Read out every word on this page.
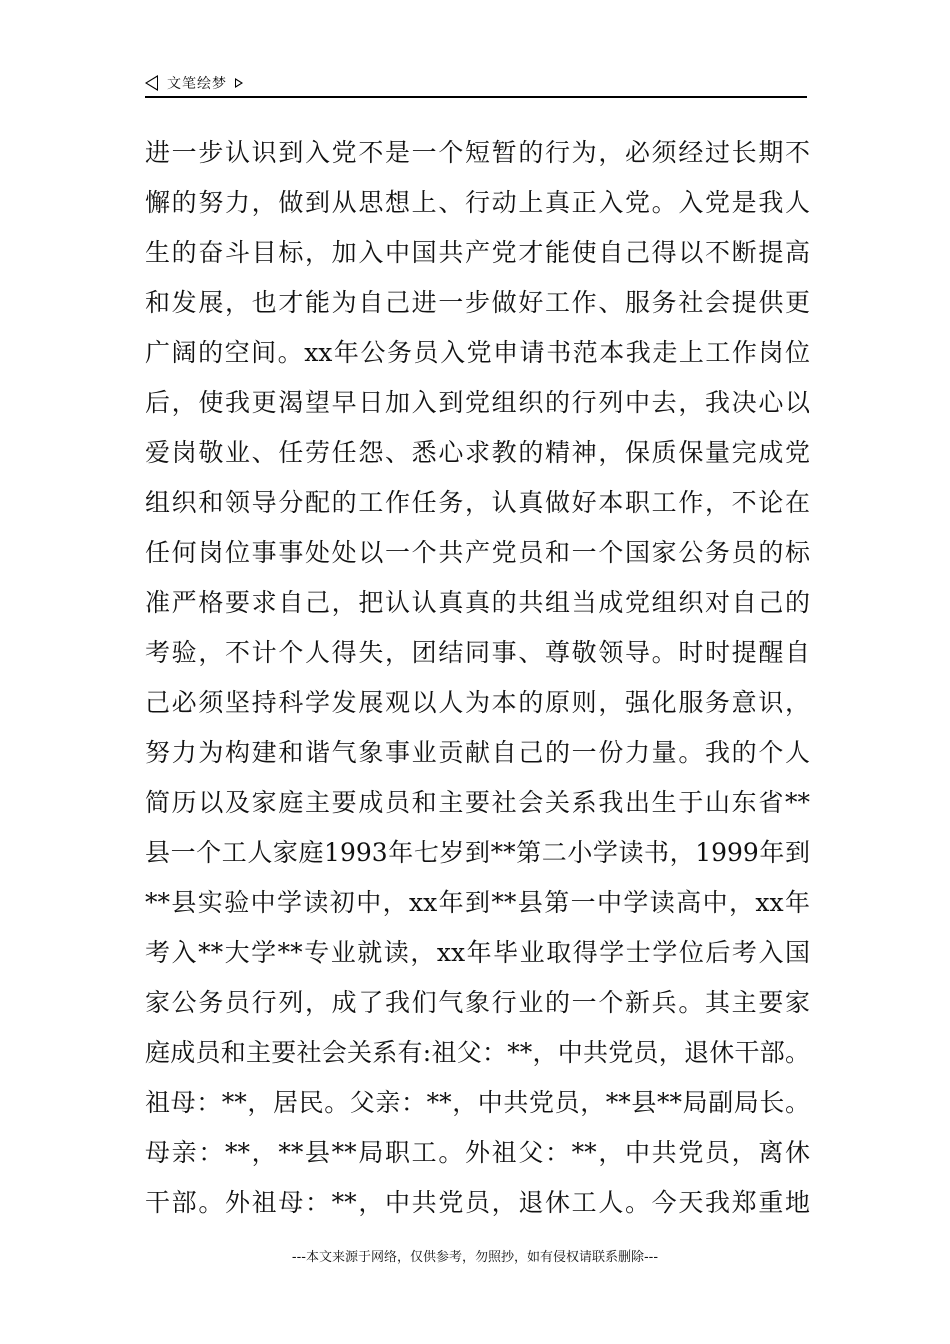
文笔绘梦
进一步认识到入党不是一个短暂的行为，必须经过长期不
懈的努力，做到从思想上、行动上真正入党。入党是我人
生的奋斗目标，加入中国共产党才能使自己得以不断提高
和发展，也才能为自己进一步做好工作、服务社会提供更
广阔的空间。xx年公务员入党申请书范本我走上工作岗位
后，使我更渴望早日加入到党组织的行列中去，我决心以
爱岗敬业、任劳任怨、悉心求教的精神，保质保量完成党
组织和领导分配的工作任务，认真做好本职工作，不论在
任何岗位事事处处以一个共产党员和一个国家公务员的标
准严格要求自己，把认认真真的共组当成党组织对自己的
考验，不计个人得失，团结同事、尊敬领导。时时提醒自
己必须坚持科学发展观以人为本的原则，强化服务意识，
努力为构建和谐气象事业贡献自己的一份力量。我的个人
简历以及家庭主要成员和主要社会关系我出生于山东省**
县一个工人家庭1993年七岁到**第二小学读书，1999年到
**县实验中学读初中，xx年到**县第一中学读高中，xx年
考入**大学**专业就读，xx年毕业取得学士学位后考入国
家公务员行列，成了我们气象行业的一个新兵。其主要家
庭成员和主要社会关系有:祖父：**，中共党员，退休干部。
祖母：**，居民。父亲：**，中共党员，**县**局副局长。
母亲：**，**县**局职工。外祖父：**，中共党员，离休
干部。外祖母：**，中共党员，退休工人。今天我郑重地
---本文来源于网络，仅供参考，勿照抄，如有侵权请联系删除---
